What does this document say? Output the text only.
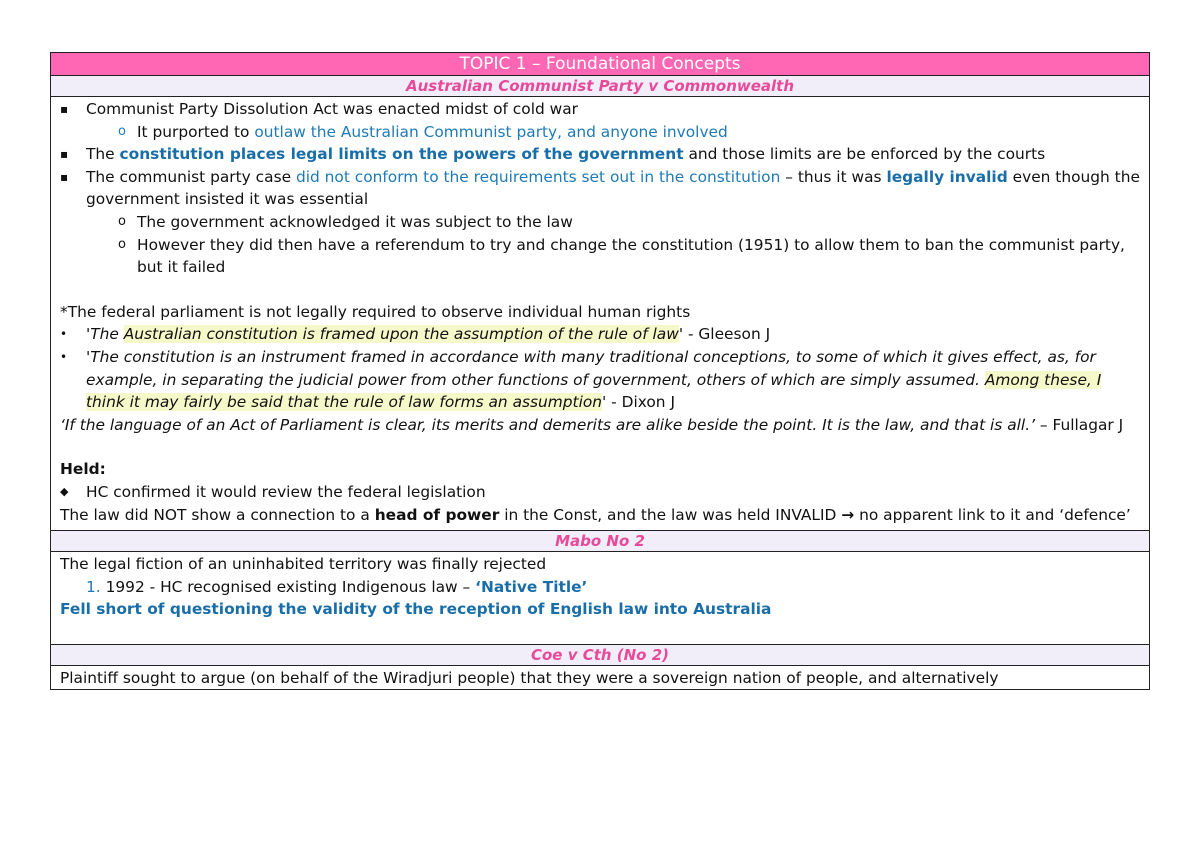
TOPIC 1 – Foundational Concepts
Australian Communist Party v Commonwealth

▪ Communist Party Dissolution Act was enacted midst of cold war
o It purported to outlaw the Australian Communist party, and anyone involved
▪ The constitution places legal limits on the powers of the government and those limits are be enforced by the courts
▪ The communist party case did not conform to the requirements set out in the constitution – thus it was legally invalid even though the government insisted it was essential
o The government acknowledged it was subject to the law
o However they did then have a referendum to try and change the constitution (1951) to allow them to ban the communist party, but it failed
*The federal parliament is not legally required to observe individual human rights
• 'The Australian constitution is framed upon the assumption of the rule of law' - Gleeson J
• 'The constitution is an instrument framed in accordance with many traditional conceptions, to some of which it gives effect, as, for example, in separating the judicial power from other functions of government, others of which are simply assumed. Among these, I think it may fairly be said that the rule of law forms an assumption' - Dixon J
‘If the language of an Act of Parliament is clear, its merits and demerits are alike beside the point. It is the law, and that is all.’ – Fullagar J
Held:
◆ HC confirmed it would review the federal legislation
The law did NOT show a connection to a head of power in the Const, and the law was held INVALID → no apparent link to it and ‘defence’

Mabo No 2

The legal fiction of an uninhabited territory was finally rejected
1. 1992 - HC recognised existing Indigenous law – ‘Native Title’
Fell short of questioning the validity of the reception of English law into Australia

Coe v Cth (No 2)

Plaintiff sought to argue (on behalf of the Wiradjuri people) that they were a sovereign nation of people, and alternatively
